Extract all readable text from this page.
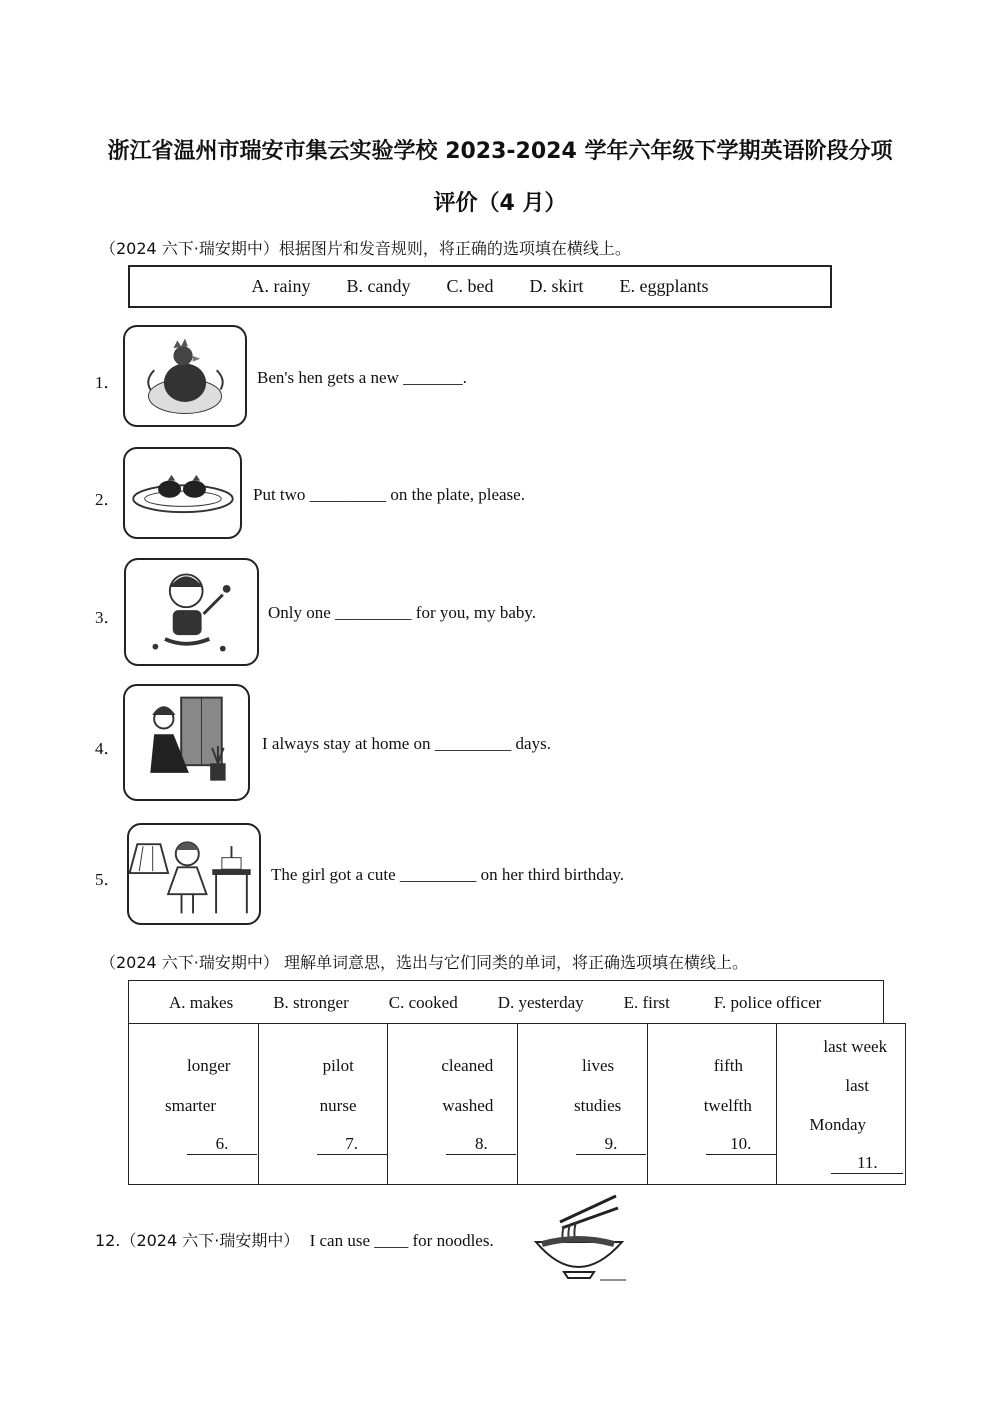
浙江省温州市瑞安市集云实验学校 2023-2024 学年六年级下学期英语阶段分项
评价（4 月）
（2024 六下·瑞安期中）根据图片和发音规则，将正确的选项填在横线上。
A. rainy B. candy C. bed D. skirt E. eggplants
1．	Ben's hen gets a new _______.
2．	Put two _________ on the plate, please.
3．	Only one _________ for you, my baby.
4．	I always stay at home on _________ days.
5．	The girl got a cute _________ on her third birthday.
（2024 六下·瑞安期中） 理解单词意思，选出与它们同类的单词，将正确选项填在横线上。
A. makes B. stronger C. cooked D. yesterday E. first	F. police officer
longer
smarter
6.
pilot
nurse
7.
cleaned
washed
8.
lives
studies
9.
fifth
twelfth
10.
last week
last
Monday
11.
12.（2024 六下·瑞安期中） I can use ____ for noodles.
